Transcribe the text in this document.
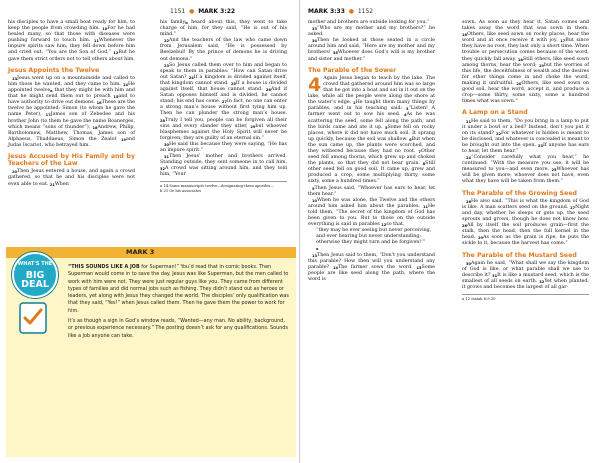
1151  ●  MARK 3:22

his disciples to have a small boat ready for him, to keep the people from crowding him. $^{10}$For he had healed many, so that those with diseases were pushing forward to touch him. $^{11}$Whenever the impure spirits saw him, they fell down before him and cried out, “You are the Son of God.” $^{12}$But he gave them strict orders not to tell others about him.

Jesus Appoints the Twelve

$^{13}$Jesus went up on a mountainside and called to him those he wanted, and they came to him. $^{14}$He appointed twelve$^a$ that they might be with him and that he might send them out to preach $^{15}$and to have authority to drive out demons. $^{16}$These are the twelve he appointed: Simon (to whom he gave the name Peter), $^{17}$James son of Zebedee and his brother John (to them he gave the name Boanerges, which means “sons of thunder”), $^{18}$Andrew, Philip, Bartholomew, Matthew, Thomas, James son of Alphaeus, Thaddaeus, Simon the Zealot $^{19}$and Judas Iscariot, who betrayed him.

Jesus Accused by His Family and by Teachers of the Law

$^{20}$Then Jesus entered a house, and again a crowd gathered, so that he and his disciples were not even able to eat. $^{21}$When

his family$^b$ heard about this, they went to take charge of him, for they said, “He is out of his mind.”

$^{22}$And the teachers of the law who came down from Jerusalem said, “He is possessed by Beelzebul! By the prince of demons he is driving out demons.”

$^{23}$So Jesus called them over to him and began to speak to them in parables: “How can Satan drive out Satan? $^{24}$If a kingdom is divided against itself, that kingdom cannot stand. $^{25}$If a house is divided against itself, that house cannot stand. $^{26}$And if Satan opposes himself and is divided, he cannot stand; his end has come. $^{27}$In fact, no one can enter a strong man’s house without first tying him up. Then he can plunder the strong man’s house. $^{28}$Truly I tell you, people can be forgiven all their sins and every slander they utter, $^{29}$but whoever blasphemes against the Holy Spirit will never be forgiven; they are guilty of an eternal sin.”

$^{30}$He said this because they were saying, “He has an impure spirit.”

$^{31}$Then Jesus’ mother and brothers arrived. Standing outside, they sent someone in to call him. $^{32}$A crowd was sitting around him, and they told him, “Your

a 14 Some manuscripts twelve—designating them apostles—
b 21 Or his associates
MARK 3
WHAT'S THE
BIG DEAL

“THIS SOUNDS LIKE A JOB for Superman!” You’d read that in comic books. Then Superman would come in to save the day. Jesus was like Superman, but the men called to work with him were not. They were just regular guys like you. They came from different types of families and did normal jobs such as fishing. They didn’t stand out as heroes or leaders, yet along with Jesus they changed the world. The disciples’ only qualification was that they said, “Yes!” when Jesus called them. Then he gave them the power to work for him.

It’s as though a sign in God’s window reads, “Wanted—any man. No ability, background, or previous experience necessary.” The posting doesn’t ask for any qualifications. Sounds like a job anyone can take.

MARK 3:33  ●  1152

mother and brothers are outside looking for you.”

$^{33}$“Who are my mother and my brothers?” he asked.

$^{34}$Then he looked at those seated in a circle around him and said, “Here are my mother and my brothers! $^{35}$Whoever does God’s will is my brother and sister and mother.”

The Parable of the Sower

4 Again Jesus began to teach by the lake. The crowd that gathered around him was so large that he got into a boat and sat in it out on the lake, while all the people were along the shore at the water’s edge. $^2$He taught them many things by parables, and in his teaching said: $^3$“Listen! A farmer went out to sow his seed. $^4$As he was scattering the seed, some fell along the path, and the birds came and ate it up. $^5$Some fell on rocky places, where it did not have much soil. It sprang up quickly, because the soil was shallow. $^6$But when the sun came up, the plants were scorched, and they withered because they had no root. $^7$Other seed fell among thorns, which grew up and choked the plants, so that they did not bear grain. $^8$Still other seed fell on good soil. It came up, grew and produced a crop, some multiplying thirty, some sixty, some a hundred times.”

$^9$Then Jesus said, “Whoever has ears to hear, let them hear.”

$^{10}$When he was alone, the Twelve and the others around him asked him about the parables. $^{11}$He told them, “The secret of the kingdom of God has been given to you. But to those on the outside everything is said in parables $^{12}$so that,

“they may be ever seeing but never perceiving,
and ever hearing but never understanding;
otherwise they might turn and be forgiven!’”
a

$^{13}$Then Jesus said to them, “Don’t you understand this parable? How then will you understand any parable? $^{14}$The farmer sows the word. $^{15}$Some people are like seed along the path, where the word is

sown. As soon as they hear it, Satan comes and takes away the word that was sown in them. $^{16}$Others, like seed sown on rocky places, hear the word and at once receive it with joy. $^{17}$But since they have no root, they last only a short time. When trouble or persecution comes because of the word, they quickly fall away. $^{18}$Still others, like seed sown among thorns, hear the word; $^{19}$but the worries of this life, the deceitfulness of wealth and the desires for other things come in and choke the word, making it unfruitful. $^{20}$Others, like seed sown on good soil, hear the word, accept it, and produce a crop—some thirty, some sixty, some a hundred times what was sown.”

A Lamp on a Stand

$^{21}$He said to them, “Do you bring in a lamp to put it under a bowl or a bed? Instead, don’t you put it on its stand? $^{22}$For whatever is hidden is meant to be disclosed, and whatever is concealed is meant to be brought out into the open. $^{23}$If anyone has ears to hear, let them hear.”

$^{24}$“Consider carefully what you hear,” he continued. “With the measure you use, it will be measured to you—and even more. $^{25}$Whoever has will be given more; whoever does not have, even what they have will be taken from them.”

The Parable of the Growing Seed

$^{26}$He also said, “This is what the kingdom of God is like. A man scatters seed on the ground. $^{27}$Night and day, whether he sleeps or gets up, the seed sprouts and grows, though he does not know how. $^{28}$All by itself the soil produces grain—first the stalk, then the head, then the full kernel in the head. $^{29}$As soon as the grain is ripe, he puts the sickle to it, because the harvest has come.”

The Parable of the Mustard Seed

$^{30}$Again he said, “What shall we say the kingdom of God is like, or what parable shall we use to describe it? $^{31}$It is like a mustard seed, which is the smallest of all seeds on earth. $^{32}$Yet when planted, it grows and becomes the largest of all gar-

a 12 Isaiah 6:9,10
